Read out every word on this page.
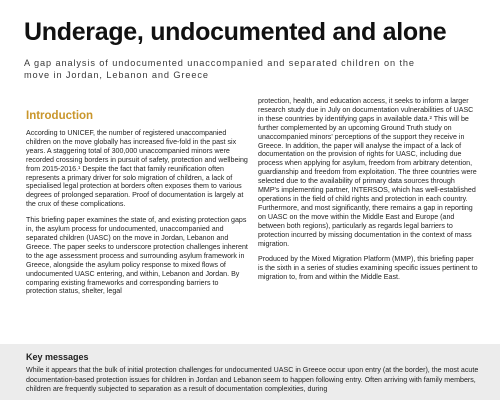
Underage, undocumented and alone
A gap analysis of undocumented unaccompanied and separated children on the move in Jordan, Lebanon and Greece
Introduction

According to UNICEF, the number of registered unaccompanied children on the move globally has increased five-fold in the past six years. A staggering total of 300,000 unaccompanied minors were recorded crossing borders in pursuit of safety, protection and wellbeing from 2015-2016.¹ Despite the fact that family reunification often represents a primary driver for solo migration of children, a lack of specialised legal protection at borders often exposes them to various degrees of prolonged separation. Proof of documentation is largely at the crux of these complications.

This briefing paper examines the state of, and existing protection gaps in, the asylum process for undocumented, unaccompanied and separated children (UASC) on the move in Jordan, Lebanon and Greece. The paper seeks to underscore protection challenges inherent to the age assessment process and surrounding asylum framework in Greece, alongside the asylum policy response to mixed flows of undocumented UASC entering, and within, Lebanon and Jordan. By comparing existing frameworks and corresponding barriers to protection status, shelter, legal

protection, health, and education access, it seeks to inform a larger research study due in July on documentation vulnerabilities of UASC in these countries by identifying gaps in available data.² This will be further complemented by an upcoming Ground Truth study on unaccompanied minors' perceptions of the support they receive in Greece. In addition, the paper will analyse the impact of a lack of documentation on the provision of rights for UASC, including due process when applying for asylum, freedom from arbitrary detention, guardianship and freedom from exploitation. The three countries were selected due to the availability of primary data sources through MMP's implementing partner, INTERSOS, which has well-established operations in the field of child rights and protection in each country. Furthermore, and most significantly, there remains a gap in reporting on UASC on the move within the Middle East and Europe (and between both regions), particularly as regards legal barriers to protection incurred by missing documentation in the context of mass migration.

Produced by the Mixed Migration Platform (MMP), this briefing paper is the sixth in a series of studies examining specific issues pertinent to migration to, from and within the Middle East.

Key messages
While it appears that the bulk of initial protection challenges for undocumented UASC in Greece occur upon entry (at the border), the most acute documentation-based protection issues for children in Jordan and Lebanon seem to happen following entry. Often arriving with family members, children are frequently subjected to separation as a result of documentation complexities, during
